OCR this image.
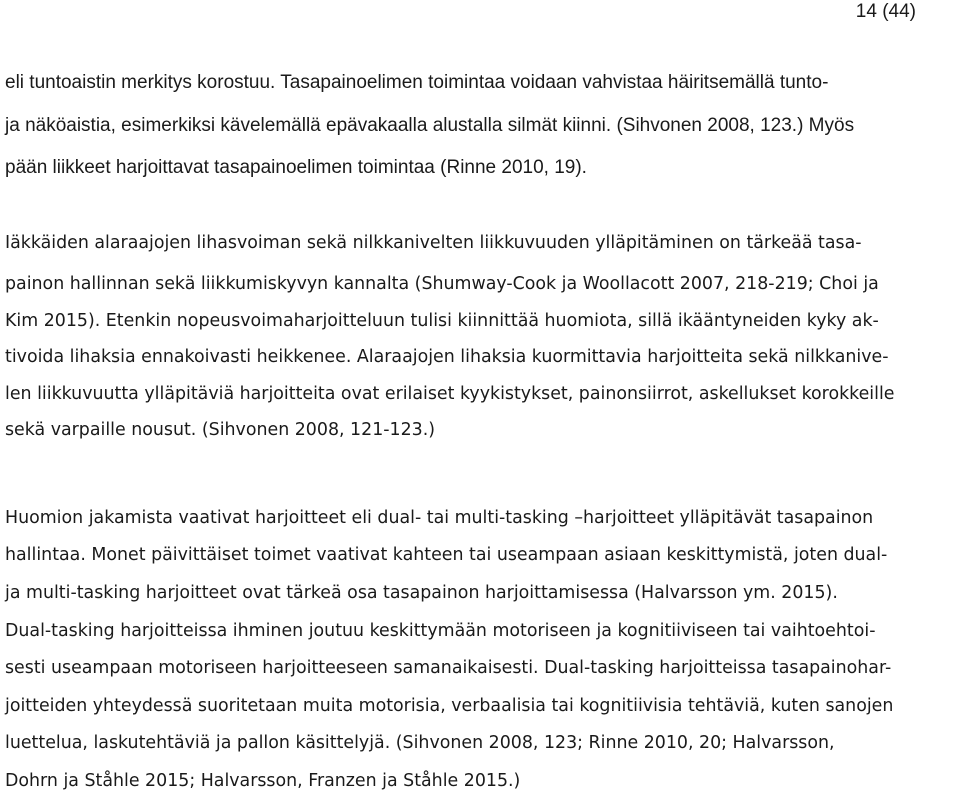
14 (44)
eli tuntoaistin merkitys korostuu. Tasapainoelimen toimintaa voidaan vahvistaa häiritsemällä tunto-
ja näköaistia, esimerkiksi kävelemällä epävakaalla alustalla silmät kiinni. (Sihvonen 2008, 123.) Myös
pään liikkeet harjoittavat tasapainoelimen toimintaa (Rinne 2010, 19).
Iäkkäiden alaraajojen lihasvoiman sekä nilkkanivelten liikkuvuuden ylläpitäminen on tärkeää tasa-
painon hallinnan sekä liikkumiskyvyn kannalta (Shumway-Cook ja Woollacott 2007, 218-219; Choi ja
Kim 2015). Etenkin nopeusvoimaharjoitteluun tulisi kiinnittää huomiota, sillä ikääntyneiden kyky ak-
tivoida lihaksia ennakoivasti heikkenee. Alaraajojen lihaksia kuormittavia harjoitteita sekä nilkkanive-
len liikkuvuutta ylläpitäviä harjoitteita ovat erilaiset kyykistykset, painonsiirrot, askellukset korokkeille
sekä varpaille nousut. (Sihvonen 2008, 121-123.)
Huomion jakamista vaativat harjoitteet eli dual- tai multi-tasking –harjoitteet ylläpitävät tasapainon
hallintaa. Monet päivittäiset toimet vaativat kahteen tai useampaan asiaan keskittymistä, joten dual-
ja multi-tasking harjoitteet ovat tärkeä osa tasapainon harjoittamisessa (Halvarsson ym. 2015).
Dual-tasking harjoitteissa ihminen joutuu keskittymään motoriseen ja kognitiiviseen tai vaihtoehtoi-
sesti useampaan motoriseen harjoitteeseen samanaikaisesti. Dual-tasking harjoitteissa tasapainohar-
joitteiden yhteydessä suoritetaan muita motorisia, verbaalisia tai kognitiivisia tehtäviä, kuten sanojen
luettelua, laskutehtäviä ja pallon käsittelyjä. (Sihvonen 2008, 123; Rinne 2010, 20; Halvarsson,
Dohrn ja Ståhle 2015; Halvarsson, Franzen ja Ståhle 2015.)
